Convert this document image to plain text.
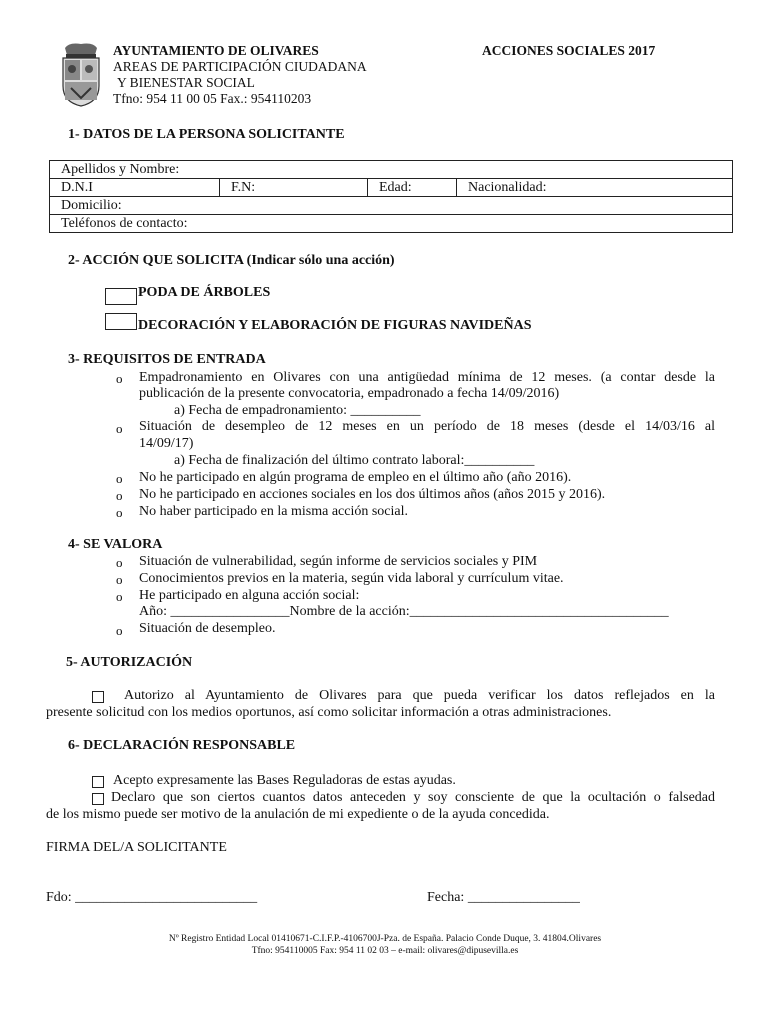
AYUNTAMIENTO DE OLIVARES
AREAS DE PARTICIPACIÓN CIUDADANA
Y BIENESTAR SOCIAL
Tfno: 954 11 00 05 Fax.: 954110203
ACCIONES SOCIALES 2017
1- DATOS DE LA PERSONA SOLICITANTE
Apellidos y Nombre:
D.N.I	F.N:	Edad:	Nacionalidad:
Domicilio:
Teléfonos de contacto:
2- ACCIÓN QUE SOLICITA (Indicar sólo una acción)
PODA DE ÁRBOLES
DECORACIÓN Y ELABORACIÓN DE FIGURAS NAVIDEÑAS
3- REQUISITOS DE ENTRADA
o Empadronamiento en Olivares con una antigüedad mínima de 12 meses. (a contar desde la
publicación de la presente convocatoria, empadronado a fecha 14/09/2016)
a) Fecha de empadronamiento: __________
o Situación de desempleo de 12 meses en un período de 18 meses (desde el 14/03/16 al
14/09/17)
a) Fecha de finalización del último contrato laboral:__________
o No he participado en algún programa de empleo en el último año (año 2016).
o No he participado en acciones sociales en los dos últimos años (años 2015 y 2016).
o No haber participado en la misma acción social.
4- SE VALORA
o Situación de vulnerabilidad, según informe de servicios sociales y PIM
o Conocimientos previos en la materia, según vida laboral y currículum vitae.
o He participado en alguna acción social:
Año: _________________Nombre de la acción:_____________________________________
o Situación de desempleo.
5- AUTORIZACIÓN
Autorizo al Ayuntamiento de Olivares para que pueda verificar los datos reflejados en la
presente solicitud con los medios oportunos, así como solicitar información a otras administraciones.
6- DECLARACIÓN RESPONSABLE
Acepto expresamente las Bases Reguladoras de estas ayudas.
Declaro que son ciertos cuantos datos anteceden y soy consciente de que la ocultación o falsedad
de los mismo puede ser motivo de la anulación de mi expediente o de la ayuda concedida.
FIRMA DEL/A SOLICITANTE
Fdo: __________________________	Fecha: ________________
Nº Registro Entidad Local 01410671-C.I.F.P.-4106700J-Pza. de España. Palacio Conde Duque, 3. 41804.Olivares
Tfno: 954110005 Fax: 954 11 02 03 – e-mail: olivares@dipusevilla.es
